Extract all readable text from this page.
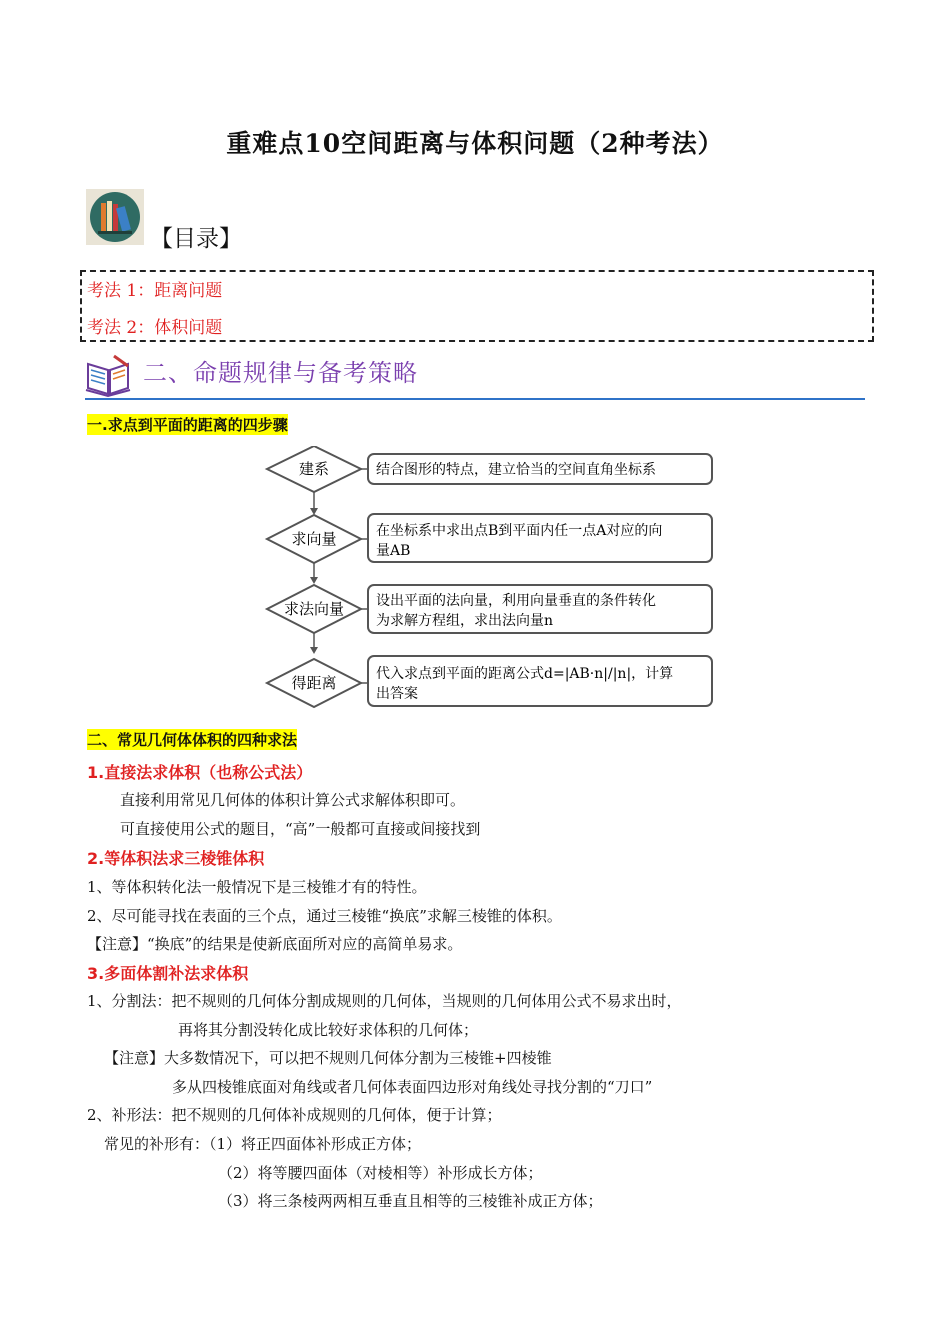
重难点10空间距离与体积问题（2种考法）
【目录】
考法 1：距离问题
考法 2：体积问题
二、命题规律与备考策略
一.求点到平面的距离的四步骤
建系	结合图形的特点，建立恰当的空间直角坐标系
求向量	在坐标系中求出点B到平面内任一点A对应的向
量AB
求法向量 设出平面的法向量，利用向量垂直的条件转化
为求解方程组，求出法向量n
得距离	代入求点到平面的距离公式d=|AB·n|/|n|，计算
出答案
二、常见几何体体积的四种求法
1.直接法求体积（也称公式法）
直接利用常见几何体的体积计算公式求解体积即可。
可直接使用公式的题目，“高”一般都可直接或间接找到
2.等体积法求三棱锥体积
1、等体积转化法一般情况下是三棱锥才有的特性。
2、尽可能寻找在表面的三个点，通过三棱锥“换底”求解三棱锥的体积。
【注意】“换底”的结果是使新底面所对应的高简单易求。
3.多面体割补法求体积
1、分割法：把不规则的几何体分割成规则的几何体，当规则的几何体用公式不易求出时，
再将其分割没转化成比较好求体积的几何体；
【注意】大多数情况下，可以把不规则几何体分割为三棱锥+四棱锥
多从四棱锥底面对角线或者几何体表面四边形对角线处寻找分割的“刀口”
2、补形法：把不规则的几何体补成规则的几何体，便于计算；
常见的补形有：（1）将正四面体补形成正方体；
（2）将等腰四面体（对棱相等）补形成长方体；
（3）将三条棱两两相互垂直且相等的三棱锥补成正方体；
